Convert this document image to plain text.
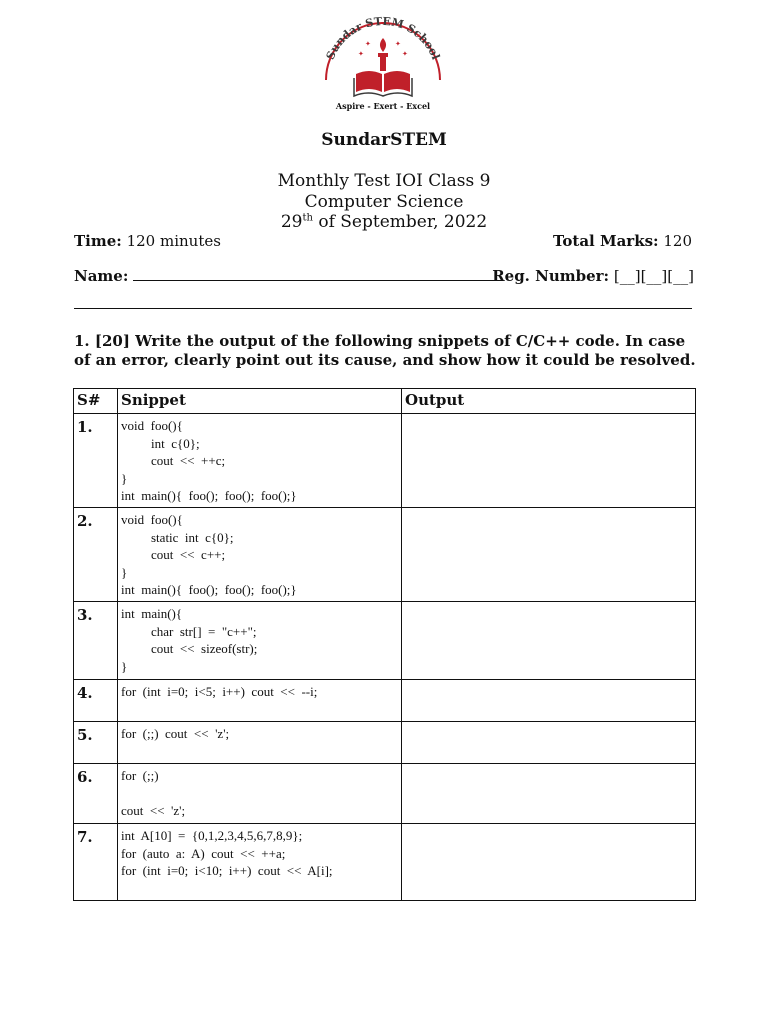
Sundar STEM School
✦	✦
✦	✦
Aspire - Exert - Excel
SundarSTEM
Monthly Test IOI Class 9
Computer Science
29th of September, 2022
Time: 120 minutes	Total Marks: 120
Name:	Reg. Number: [__][__][__]
1. [20] Write the output of the following snippets of C/C++ code. In case of an error, clearly point out its cause, and show how it could be resolved.
S#	Snippet	Output
1.	void  foo(){
int  c{0};
cout  <<  ++c;
}
int  main(){  foo();  foo();  foo();}	

2.	void  foo(){
static  int  c{0};
cout  <<  c++;
}
int  main(){  foo();  foo();  foo();}	

3.	int  main(){
char  str[]  =  "c++";
cout  <<  sizeof(str);
}	

4.	for  (int  i=0;  i<5;  i++)  cout  <<  --i;	

5.	for  (;;)  cout  <<  'z';	

6.	for  (;;)
cout  <<  'z';	

7.	int  A[10]  =  {0,1,2,3,4,5,6,7,8,9};
for  (auto  a:  A)  cout  <<  ++a;
for  (int  i=0;  i<10;  i++)  cout  <<  A[i];	
